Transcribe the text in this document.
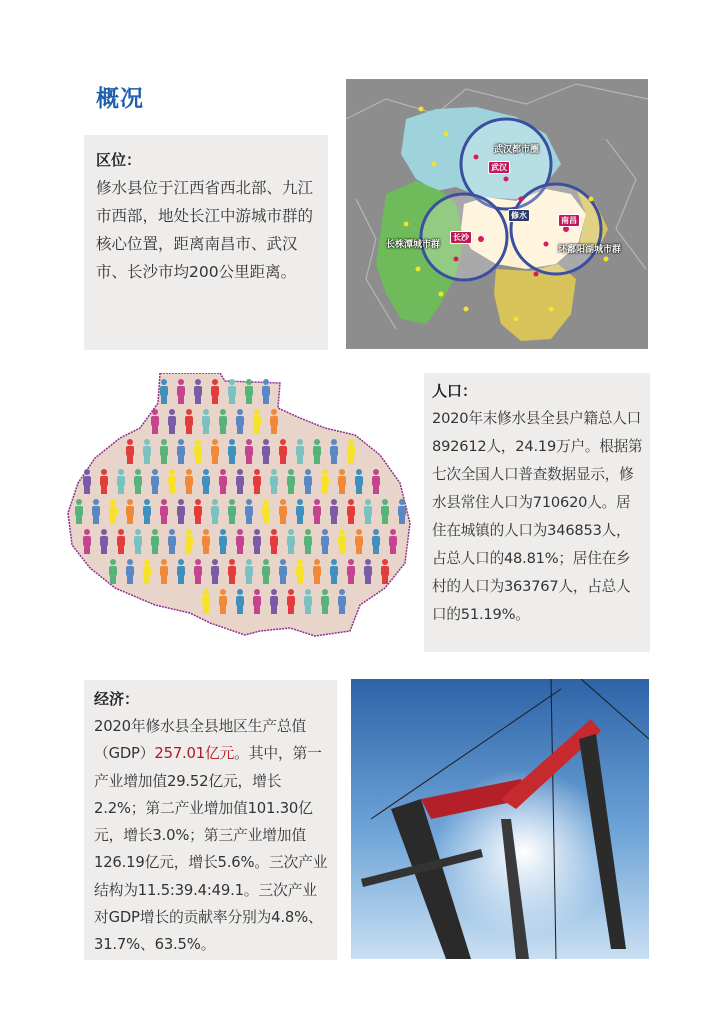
概况
武汉都市圈
长株潭城市群	环鄱阳湖城市群
武汉
长沙
南昌
修水
区位：

修水县位于江西省西北部、九江市西部，地处长江中游城市群的核心位置，距离南昌市、武汉市、长沙市均200公里距离。

人口：

2020年末修水县全县户籍总人口892612人，24.19万户。根据第七次全国人口普查数据显示，修水县常住人口为710620人。居住在城镇的人口为346853人，占总人口的48.81%；居住在乡村的人口为363767人，占总人口的51.19%。

经济：

2020年修水县全县地区生产总值（GDP）257.01亿元。其中，第一产业增加值29.52亿元，增长2.2%；第二产业增加值101.30亿元，增长3.0%；第三产业增加值126.19亿元，增长5.6%。三次产业结构为11.5:39.4:49.1。三次产业对GDP增长的贡献率分别为4.8%、31.7%、63.5%。
